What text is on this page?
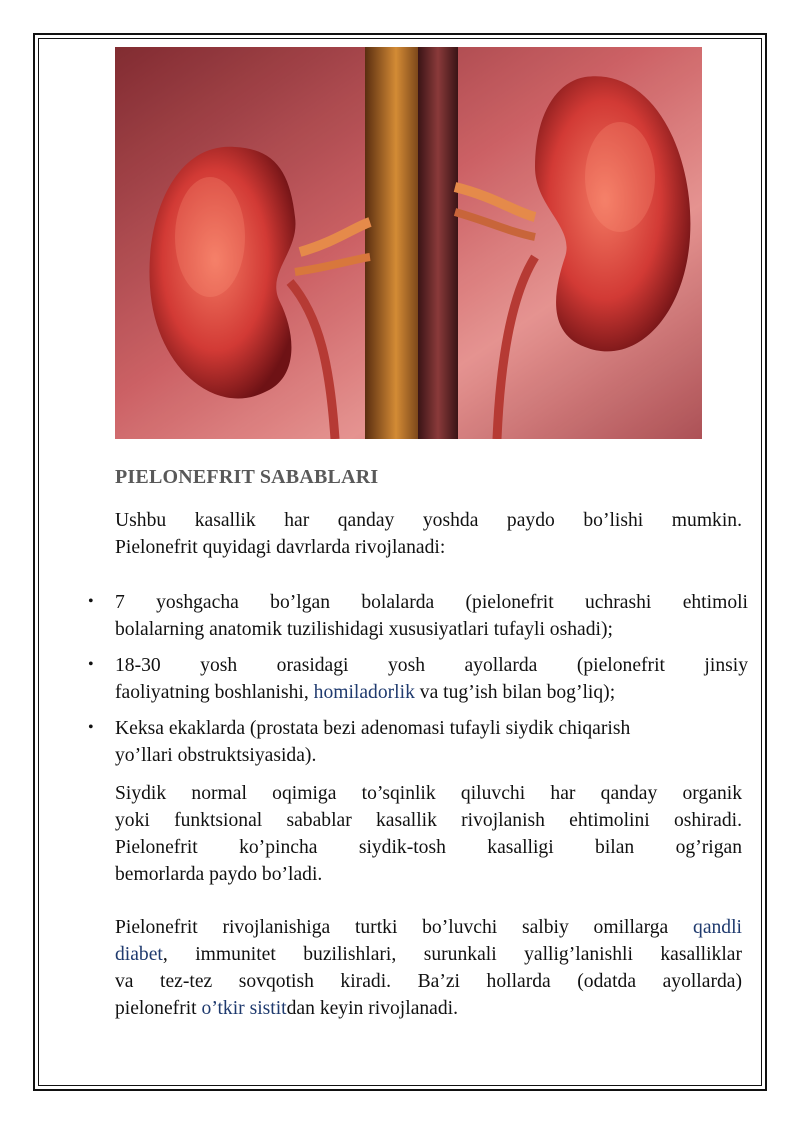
PIELONEFRIT SABABLARI
Ushbu kasallik har qanday yoshda paydo bo’lishi mumkin.
Pielonefrit quyidagi davrlarda rivojlanadi:
• 7 yoshgacha bo’lgan bolalarda (pielonefrit uchrashi ehtimoli
bolalarning anatomik tuzilishidagi xususiyatlari tufayli oshadi);
• 18-30 yosh orasidagi yosh ayollarda (pielonefrit jinsiy
faoliyatning boshlanishi, homiladorlik va tug’ish bilan bog’liq);
• Keksa ekaklarda (prostata bezi adenomasi tufayli siydik chiqarish
yo’llari obstruktsiyasida).
Siydik normal oqimiga to’sqinlik qiluvchi har qanday organik
yoki funktsional sabablar kasallik rivojlanish ehtimolini oshiradi.
Pielonefrit ko’pincha siydik-tosh kasalligi bilan og’rigan
bemorlarda paydo bo’ladi.
Pielonefrit rivojlanishiga turtki bo’luvchi salbiy omillarga qandli
diabet, immunitet buzilishlari, surunkali yallig’lanishli kasalliklar
va tez-tez sovqotish kiradi. Ba’zi hollarda (odatda ayollarda)
pielonefrit o’tkir sistitdan keyin rivojlanadi.
